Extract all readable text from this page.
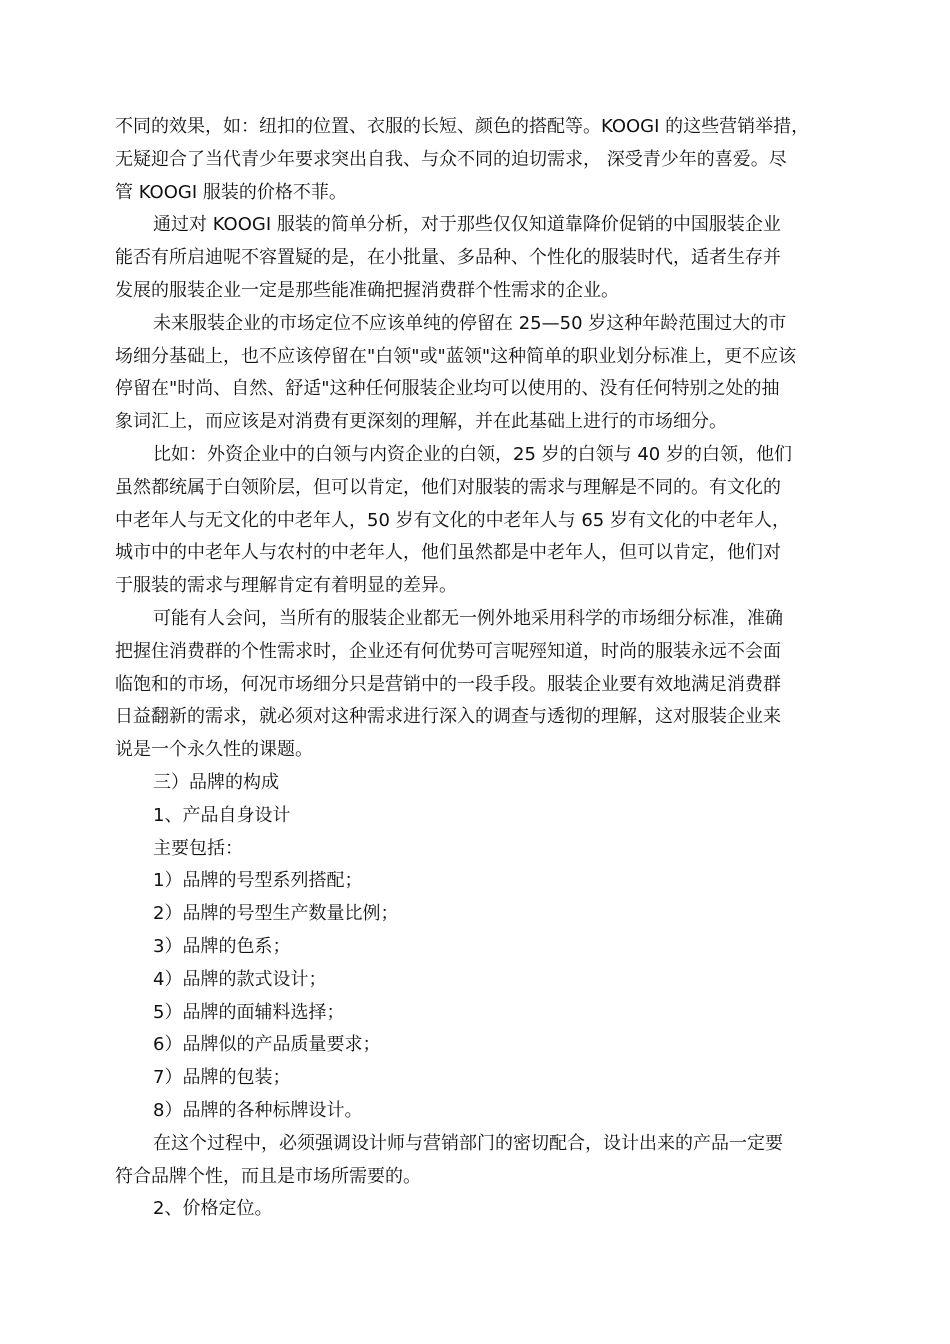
不同的效果，如：纽扣的位置、衣服的长短、颜色的搭配等。KOOGI 的这些营销举措，
无疑迎合了当代青少年要求突出自我、与众不同的迫切需求， 深受青少年的喜爱。尽
管 KOOGI 服装的价格不菲。
通过对 KOOGI 服装的简单分析，对于那些仅仅知道靠降价促销的中国服装企业
能否有所启迪呢不容置疑的是，在小批量、多品种、个性化的服装时代，适者生存并
发展的服装企业一定是那些能准确把握消费群个性需求的企业。
未来服装企业的市场定位不应该单纯的停留在 25—50 岁这种年龄范围过大的市
场细分基础上，也不应该停留在"白领"或"蓝领"这种简单的职业划分标准上，更不应该
停留在"时尚、自然、舒适"这种任何服装企业均可以使用的、没有任何特别之处的抽
象词汇上，而应该是对消费有更深刻的理解，并在此基础上进行的市场细分。
比如：外资企业中的白领与内资企业的白领，25 岁的白领与 40 岁的白领，他们
虽然都统属于白领阶层，但可以肯定，他们对服装的需求与理解是不同的。有文化的
中老年人与无文化的中老年人，50 岁有文化的中老年人与 65 岁有文化的中老年人，
城市中的中老年人与农村的中老年人，他们虽然都是中老年人，但可以肯定，他们对
于服装的需求与理解肯定有着明显的差异。
可能有人会问，当所有的服装企业都无一例外地采用科学的市场细分标准，准确
把握住消费群的个性需求时，企业还有何优势可言呢殌知道，时尚的服装永远不会面
临饱和的市场，何况市场细分只是营销中的一段手段。服装企业要有效地满足消费群
日益翻新的需求，就必须对这种需求进行深入的调查与透彻的理解，这对服装企业来
说是一个永久性的课题。
三）品牌的构成
1、产品自身设计
主要包括：
1）品牌的号型系列搭配；
2）品牌的号型生产数量比例；
3）品牌的色系；
4）品牌的款式设计；
5）品牌的面辅料选择；
6）品牌似的产品质量要求；
7）品牌的包装；
8）品牌的各种标牌设计。
在这个过程中，必须强调设计师与营销部门的密切配合，设计出来的产品一定要
符合品牌个性，而且是市场所需要的。
2、价格定位。
